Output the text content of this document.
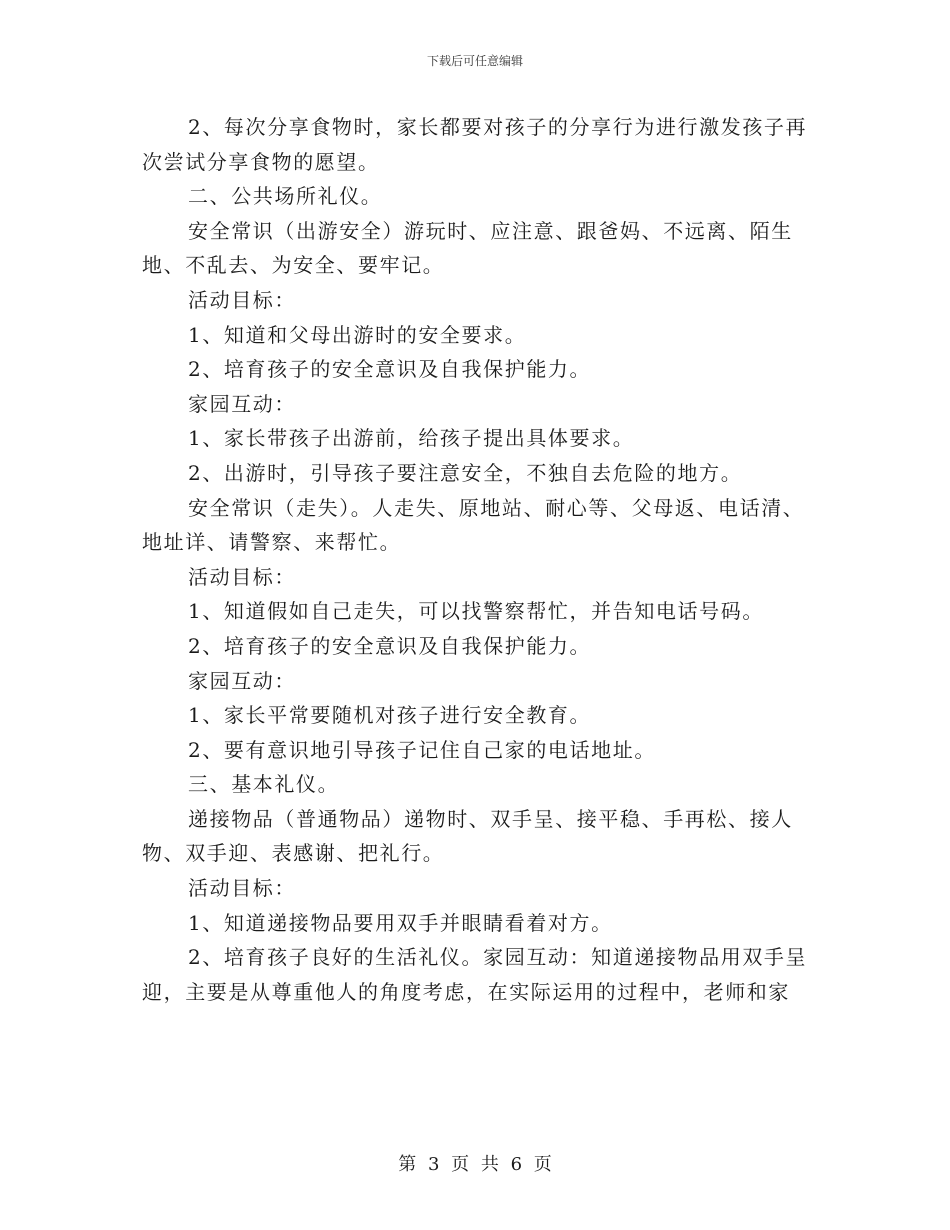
下载后可任意编辑
2、每次分享食物时，家长都要对孩子的分享行为进行激发孩子再
次尝试分享食物的愿望。
二、公共场所礼仪。
安全常识（出游安全）游玩时、应注意、跟爸妈、不远离、陌生
地、不乱去、为安全、要牢记。
活动目标：
1、知道和父母出游时的安全要求。
2、培育孩子的安全意识及自我保护能力。
家园互动：
1、家长带孩子出游前，给孩子提出具体要求。
2、出游时，引导孩子要注意安全，不独自去危险的地方。
安全常识（走失）。人走失、原地站、耐心等、父母返、电话清、
地址详、请警察、来帮忙。
活动目标：
1、知道假如自己走失，可以找警察帮忙，并告知电话号码。
2、培育孩子的安全意识及自我保护能力。
家园互动：
1、家长平常要随机对孩子进行安全教育。
2、要有意识地引导孩子记住自己家的电话地址。
三、基本礼仪。
递接物品（普通物品）递物时、双手呈、接平稳、手再松、接人
物、双手迎、表感谢、把礼行。
活动目标：
1、知道递接物品要用双手并眼睛看着对方。
2、培育孩子良好的生活礼仪。家园互动：知道递接物品用双手呈
迎，主要是从尊重他人的角度考虑，在实际运用的过程中，老师和家
第 3 页 共 6 页
